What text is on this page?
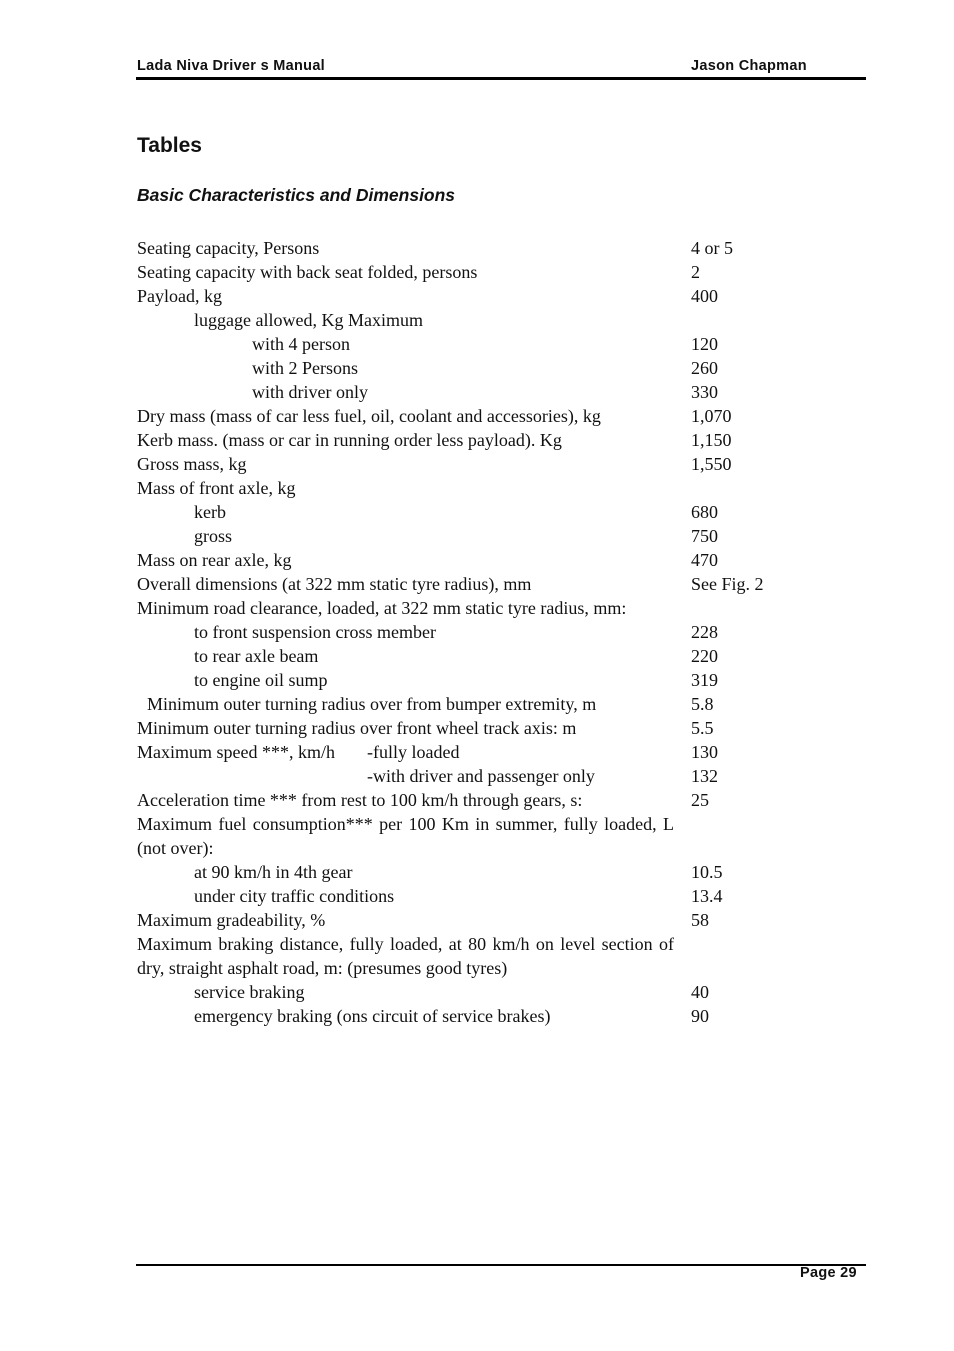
Lada Niva Driver s Manual	Jason Chapman
Tables
Basic Characteristics and Dimensions
Seating capacity, Persons	4 or 5
Seating capacity with back seat folded, persons	2
Payload, kg	400
luggage allowed, Kg Maximum
with 4 person	120
with 2 Persons	260
with driver only	330
Dry mass (mass of car less fuel, oil, coolant and accessories), kg	1,070
Kerb mass. (mass or car in running order less payload). Kg	1,150
Gross mass, kg	1,550
Mass of front axle, kg
kerb	680
gross	750
Mass on rear axle, kg	470
Overall dimensions (at 322 mm static tyre radius), mm	See Fig. 2
Minimum road clearance, loaded, at 322 mm static tyre radius, mm:
to front suspension cross member	228
to rear axle beam	220
to engine oil sump	319
Minimum outer turning radius over from bumper extremity, m	5.8
Minimum outer turning radius over front wheel track axis: m	5.5
Maximum speed ***, km/h -fully loaded	130
-with driver and passenger only	132
Acceleration time *** from rest to 100 km/h through gears, s:	25
Maximum fuel consumption*** per 100 Km in summer, fully loaded, L (not over):
at 90 km/h in 4th gear	10.5
under city traffic conditions	13.4
Maximum gradeability, %	58
Maximum braking distance, fully loaded, at 80 km/h on level section of dry, straight asphalt road, m: (presumes good tyres)
service braking	40
emergency braking (ons circuit of service brakes)	90
Page 29
